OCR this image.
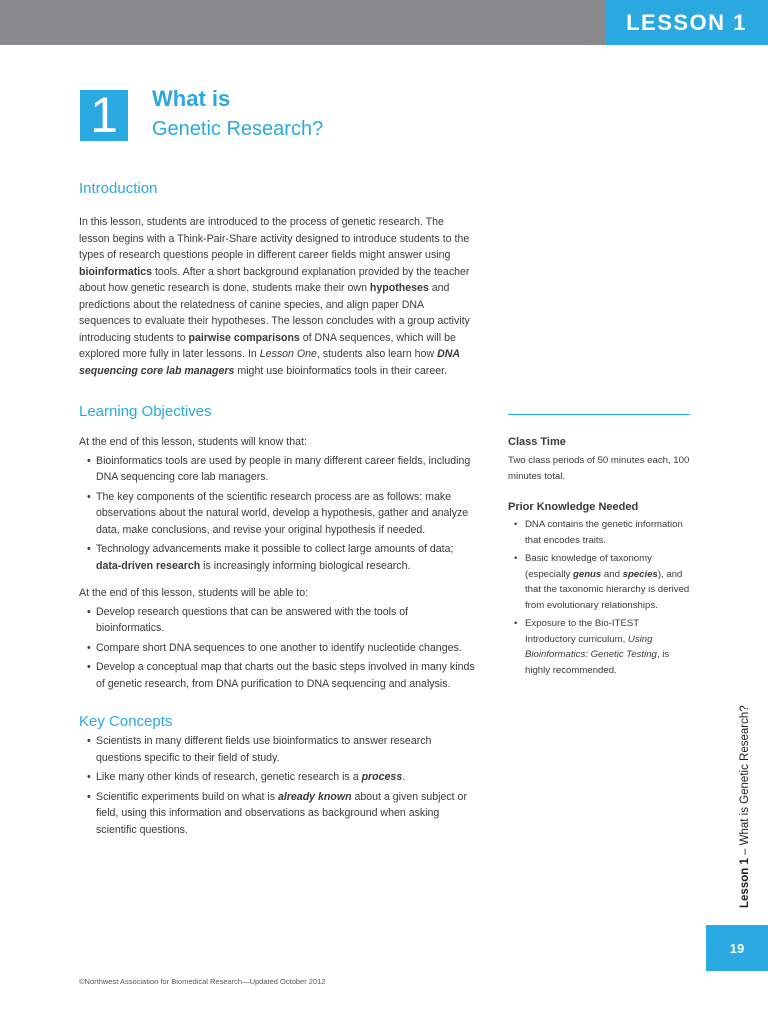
LESSON 1
1	What is
Genetic Research?
Introduction

In this lesson, students are introduced to the process of genetic research. The lesson begins with a Think-Pair-Share activity designed to introduce students to the types of research questions people in different career fields might answer using bioinformatics tools. After a short background explanation provided by the teacher about how genetic research is done, students make their own hypotheses and predictions about the relatedness of canine species, and align paper DNA sequences to evaluate their hypotheses. The lesson concludes with a group activity introducing students to pairwise comparisons of DNA sequences, which will be explored more fully in later lessons. In Lesson One, students also learn how DNA sequencing core lab managers might use bioinformatics tools in their career.

Learning Objectives

At the end of this lesson, students will know that:

• Bioinformatics tools are used by people in many different career fields, including DNA sequencing core lab managers.
• The key components of the scientific research process are as follows: make observations about the natural world, develop a hypothesis, gather and analyze data, make conclusions, and revise your original hypothesis if needed.
• Technology advancements make it possible to collect large amounts of data; data-driven research is increasingly informing biological research.

At the end of this lesson, students will be able to:

• Develop research questions that can be answered with the tools of bioinformatics.
• Compare short DNA sequences to one another to identify nucleotide changes.
• Develop a conceptual map that charts out the basic steps involved in many kinds of genetic research, from DNA purification to DNA sequencing and analysis.
Key Concepts
• Scientists in many different fields use bioinformatics to answer research questions specific to their field of study.
• Like many other kinds of research, genetic research is a process.
• Scientific experiments build on what is already known about a given subject or field, using this information and observations as background when asking scientific questions.
Class Time

Two class periods of 50 minutes each, 100 minutes total.

Prior Knowledge Needed
• DNA contains the genetic information that encodes traits.
• Basic knowledge of taxonomy (especially genus and species), and that the taxonomic hierarchy is derived from evolutionary relationships.
• Exposure to the Bio-ITEST Introductory curriculum, Using Bioinformatics: Genetic Testing, is highly recommended.
Lesson 1 – What is Genetic Research?
19
©Northwest Association for Biomedical Research—Updated October 2012
